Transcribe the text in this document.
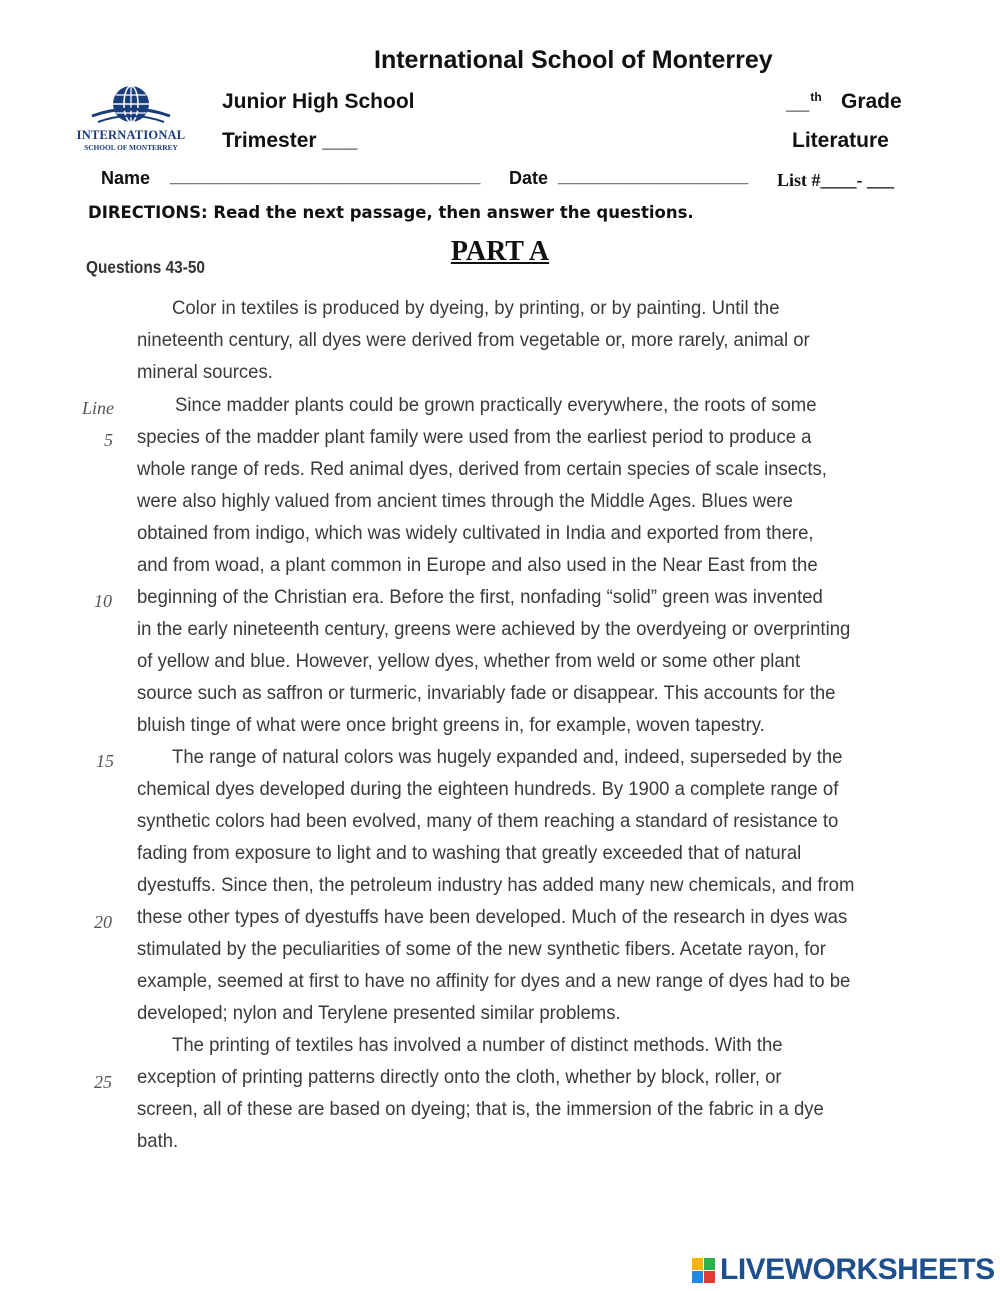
International School of Monterrey
INTERNATIONAL
SCHOOL OF MONTERREY
Junior High School	__$^{th}$ Grade
Trimester ___	Literature
Name _______________________________ Date ___________________ List #____- ___
DIRECTIONS: Read the next passage, then answer the questions.
PART A
Questions 43-50
Line
5
10
15
20
25
Color in textiles is produced by dyeing, by printing, or by painting. Until the
nineteenth century, all dyes were derived from vegetable or, more rarely, animal or
mineral sources.
Since madder plants could be grown practically everywhere, the roots of some
species of the madder plant family were used from the earliest period to produce a
whole range of reds. Red animal dyes, derived from certain species of scale insects,
were also highly valued from ancient times through the Middle Ages. Blues were
obtained from indigo, which was widely cultivated in India and exported from there,
and from woad, a plant common in Europe and also used in the Near East from the
beginning of the Christian era. Before the first, nonfading “solid” green was invented
in the early nineteenth century, greens were achieved by the overdyeing or overprinting
of yellow and blue. However, yellow dyes, whether from weld or some other plant
source such as saffron or turmeric, invariably fade or disappear. This accounts for the
bluish tinge of what were once bright greens in, for example, woven tapestry.
The range of natural colors was hugely expanded and, indeed, superseded by the
chemical dyes developed during the eighteen hundreds. By 1900 a complete range of
synthetic colors had been evolved, many of them reaching a standard of resistance to
fading from exposure to light and to washing that greatly exceeded that of natural
dyestuffs. Since then, the petroleum industry has added many new chemicals, and from
these other types of dyestuffs have been developed. Much of the research in dyes was
stimulated by the peculiarities of some of the new synthetic fibers. Acetate rayon, for
example, seemed at first to have no affinity for dyes and a new range of dyes had to be
developed; nylon and Terylene presented similar problems.
The printing of textiles has involved a number of distinct methods. With the
exception of printing patterns directly onto the cloth, whether by block, roller, or
screen, all of these are based on dyeing; that is, the immersion of the fabric in a dye
bath.
LIVEWORKSHEETS
